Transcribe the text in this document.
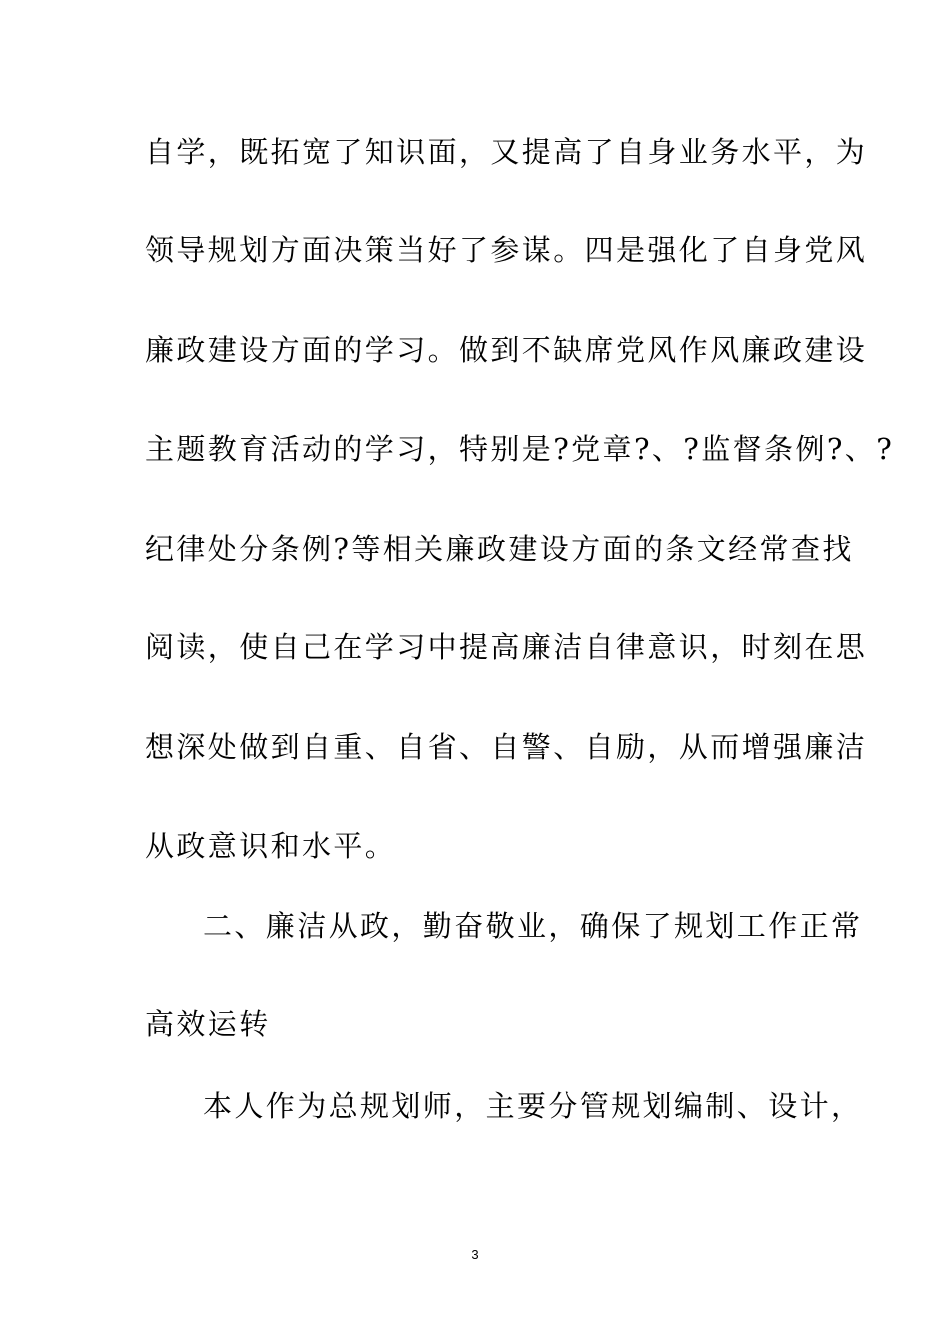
自学，既拓宽了知识面，又提高了自身业务水平，为
领导规划方面决策当好了参谋。四是强化了自身党风
廉政建设方面的学习。做到不缺席党风作风廉政建设
主题教育活动的学习，特别是?党章?、?监督条例?、?
纪律处分条例?等相关廉政建设方面的条文经常查找
阅读，使自己在学习中提高廉洁自律意识，时刻在思
想深处做到自重、自省、自警、自励，从而增强廉洁
从政意识和水平。
二、廉洁从政，勤奋敬业，确保了规划工作正常
高效运转
本人作为总规划师，主要分管规划编制、设计，
3
